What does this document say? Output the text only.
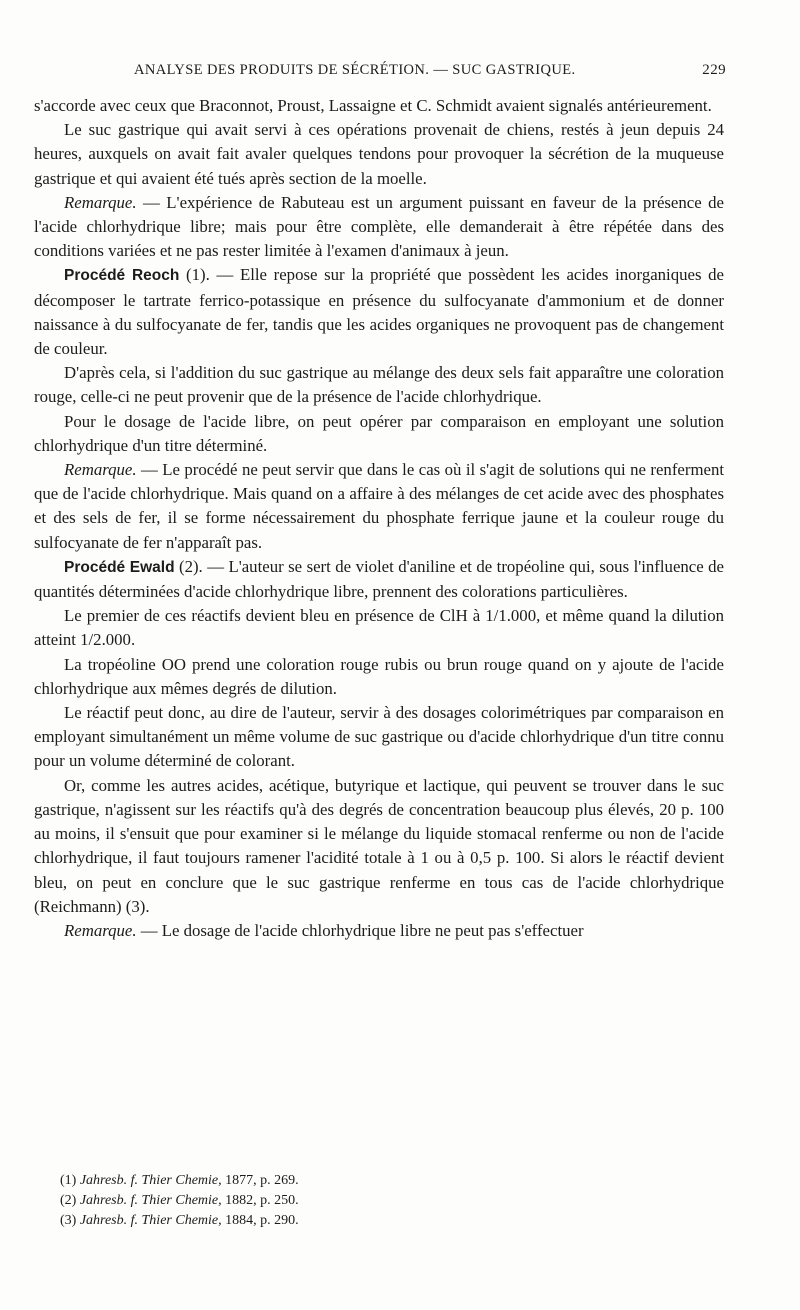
ANALYSE DES PRODUITS DE SÉCRÉTION. — SUC GASTRIQUE.	229

s'accorde avec ceux que Braconnot, Proust, Lassaigne et C. Schmidt avaient signalés antérieurement.

Le suc gastrique qui avait servi à ces opérations provenait de chiens, restés à jeun depuis 24 heures, auxquels on avait fait avaler quelques tendons pour provoquer la sécrétion de la muqueuse gastrique et qui avaient été tués après section de la moelle.

Remarque. — L'expérience de Rabuteau est un argument puissant en faveur de la présence de l'acide chlorhydrique libre; mais pour être complète, elle demanderait à être répétée dans des conditions variées et ne pas rester limitée à l'examen d'animaux à jeun.

Procédé Reoch (1). — Elle repose sur la propriété que possèdent les acides inorganiques de décomposer le tartrate ferrico-potassique en présence du sulfocyanate d'ammonium et de donner naissance à du sulfocyanate de fer, tandis que les acides organiques ne provoquent pas de changement de couleur.

D'après cela, si l'addition du suc gastrique au mélange des deux sels fait apparaître une coloration rouge, celle-ci ne peut provenir que de la présence de l'acide chlorhydrique.

Pour le dosage de l'acide libre, on peut opérer par comparaison en employant une solution chlorhydrique d'un titre déterminé.

Remarque. — Le procédé ne peut servir que dans le cas où il s'agit de solutions qui ne renferment que de l'acide chlorhydrique. Mais quand on a affaire à des mélanges de cet acide avec des phosphates et des sels de fer, il se forme nécessairement du phosphate ferrique jaune et la couleur rouge du sulfocyanate de fer n'apparaît pas.

Procédé Ewald (2). — L'auteur se sert de violet d'aniline et de tropéoline qui, sous l'influence de quantités déterminées d'acide chlorhydrique libre, prennent des colorations particulières.

Le premier de ces réactifs devient bleu en présence de ClH à 1/1.000, et même quand la dilution atteint 1/2.000.

La tropéoline OO prend une coloration rouge rubis ou brun rouge quand on y ajoute de l'acide chlorhydrique aux mêmes degrés de dilution.

Le réactif peut donc, au dire de l'auteur, servir à des dosages colorimétriques par comparaison en employant simultanément un même volume de suc gastrique ou d'acide chlorhydrique d'un titre connu pour un volume déterminé de colorant.

Or, comme les autres acides, acétique, butyrique et lactique, qui peuvent se trouver dans le suc gastrique, n'agissent sur les réactifs qu'à des degrés de concentration beaucoup plus élevés, 20 p. 100 au moins, il s'ensuit que pour examiner si le mélange du liquide stomacal renferme ou non de l'acide chlorhydrique, il faut toujours ramener l'acidité totale à 1 ou à 0,5 p. 100. Si alors le réactif devient bleu, on peut en conclure que le suc gastrique renferme en tous cas de l'acide chlorhydrique (Reichmann) (3).

Remarque. — Le dosage de l'acide chlorhydrique libre ne peut pas s'effectuer

(1) Jahresb. f. Thier Chemie, 1877, p. 269.

(2) Jahresb. f. Thier Chemie, 1882, p. 250.

(3) Jahresb. f. Thier Chemie, 1884, p. 290.
